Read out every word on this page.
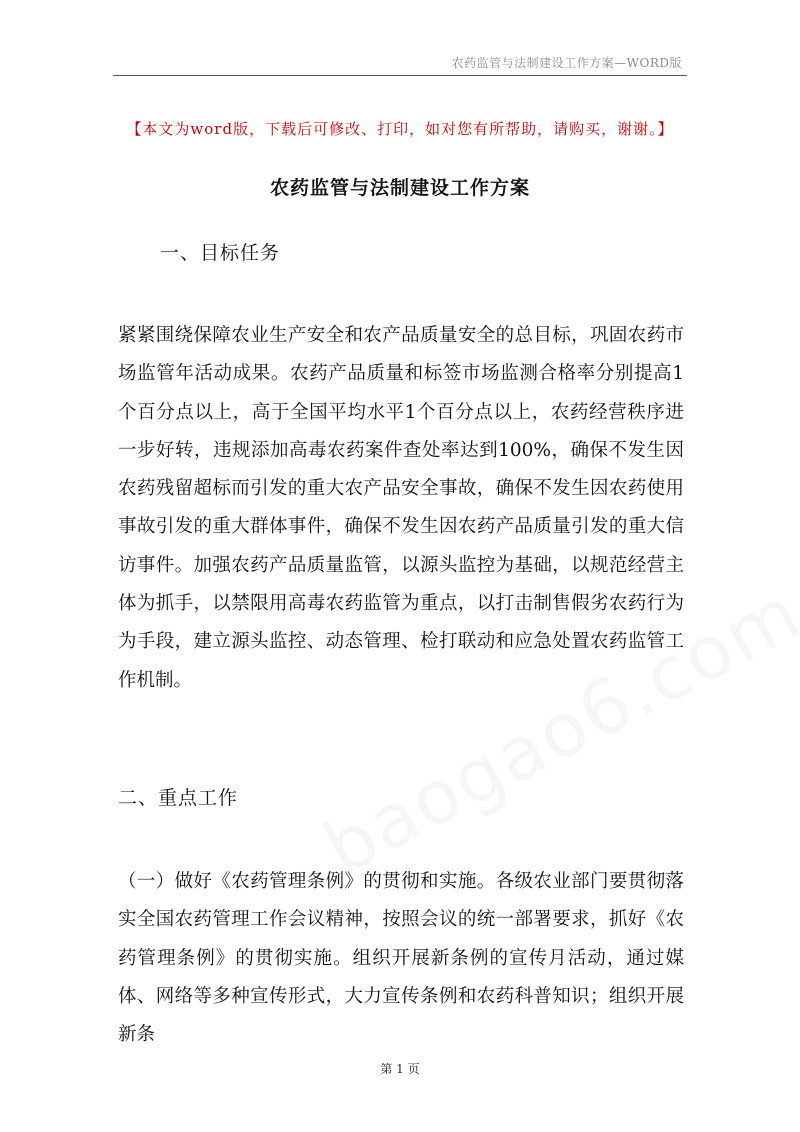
农药监管与法制建设工作方案—WORD版
【本文为word版，下载后可修改、打印，如对您有所帮助，请购买，谢谢。】
农药监管与法制建设工作方案
一、目标任务

紧紧围绕保障农业生产安全和农产品质量安全的总目标，巩固农药市场监管年活动成果。农药产品质量和标签市场监测合格率分别提高1个百分点以上，高于全国平均水平1个百分点以上，农药经营秩序进一步好转，违规添加高毒农药案件查处率达到100%，确保不发生因农药残留超标而引发的重大农产品安全事故，确保不发生因农药使用事故引发的重大群体事件，确保不发生因农药产品质量引发的重大信访事件。加强农药产品质量监管，以源头监控为基础，以规范经营主体为抓手，以禁限用高毒农药监管为重点，以打击制售假劣农药行为为手段，建立源头监控、动态管理、检打联动和应急处置农药监管工作机制。

二、重点工作

（一）做好《农药管理条例》的贯彻和实施。各级农业部门要贯彻落实全国农药管理工作会议精神，按照会议的统一部署要求，抓好《农药管理条例》的贯彻实施。组织开展新条例的宣传月活动，通过媒体、网络等多种宣传形式，大力宣传条例和农药科普知识；组织开展新条

第 1 页
